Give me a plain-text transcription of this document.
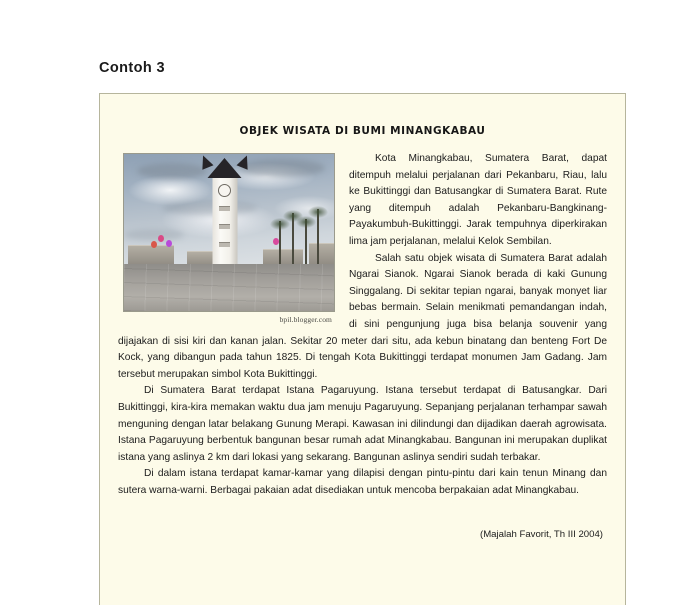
Contoh 3
OBJEK WISATA DI BUMI MINANGKABAU
bpil.blogger.com

Kota Minangkabau, Sumatera Barat, dapat ditempuh melalui perjalanan dari Pekanbaru, Riau, lalu ke Bukittinggi dan Batusangkar di Sumatera Barat. Rute yang ditempuh adalah Pekanbaru-Bangkinang-Payakumbuh-Bukittinggi. Jarak tempuhnya diperkirakan lima jam perjalanan, melalui Kelok Sembilan.

Salah satu objek wisata di Sumatera Barat adalah Ngarai Sianok. Ngarai Sianok berada di kaki Gunung Singgalang. Di sekitar tepian ngarai, banyak monyet liar bebas bermain. Selain menikmati pemandangan indah, di sini pengunjung juga bisa belanja souvenir yang dijajakan di sisi kiri dan kanan jalan. Sekitar 20 meter dari situ, ada kebun binatang dan benteng Fort De Kock, yang dibangun pada tahun 1825. Di tengah Kota Bukittinggi terdapat monumen Jam Gadang. Jam tersebut merupakan simbol Kota Bukittinggi.

Di Sumatera Barat terdapat Istana Pagaruyung. Istana tersebut terdapat di Batusangkar. Dari Bukittinggi, kira-kira memakan waktu dua jam menuju Pagaruyung. Sepanjang perjalanan terhampar sawah menguning dengan latar belakang Gunung Merapi. Kawasan ini dilindungi dan dijadikan daerah agrowisata. Istana Pagaruyung berbentuk bangunan besar rumah adat Minangkabau. Bangunan ini merupakan duplikat istana yang aslinya 2 km dari lokasi yang sekarang. Bangunan aslinya sendiri sudah terbakar.

Di dalam istana terdapat kamar-kamar yang dilapisi dengan pintu-pintu dari kain tenun Minang dan sutera warna-warni. Berbagai pakaian adat disediakan untuk mencoba berpakaian adat Minangkabau.

(Majalah Favorit, Th III 2004)
